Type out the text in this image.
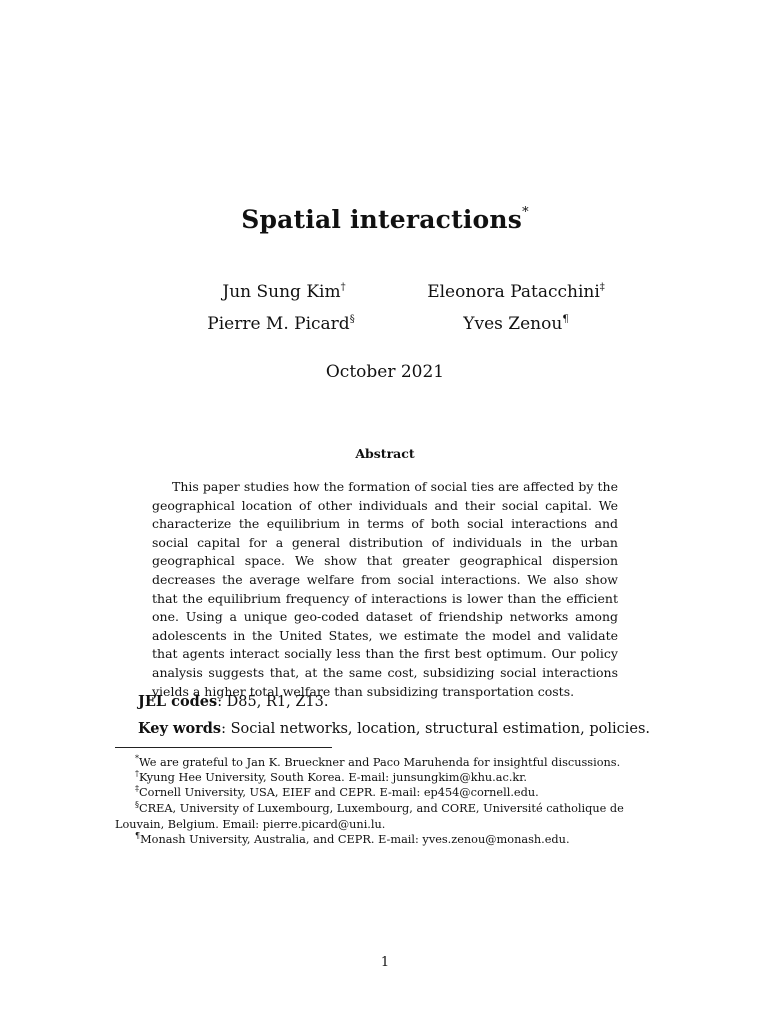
Spatial interactions*
Jun Sung Kim†	Eleonora Patacchini‡
Pierre M. Picard§	Yves Zenou¶
October 2021
Abstract
This paper studies how the formation of social ties are affected by the geographical location of other individuals and their social capital. We characterize the equilibrium in terms of both social interactions and social capital for a general distribution of individuals in the urban geographical space. We show that greater geographical dispersion decreases the average welfare from social interactions. We also show that the equilibrium frequency of interactions is lower than the efficient one. Using a unique geo-coded dataset of friendship networks among adolescents in the United States, we estimate the model and validate that agents interact socially less than the first best optimum. Our policy analysis suggests that, at the same cost, subsidizing social interactions yields a higher total welfare than subsidizing transportation costs.
JEL codes: D85, R1, Z13.
Key words: Social networks, location, structural estimation, policies.
*We are grateful to Jan K. Brueckner and Paco Maruhenda for insightful discussions.
†Kyung Hee University, South Korea. E-mail: junsungkim@khu.ac.kr.
‡Cornell University, USA, EIEF and CEPR. E-mail: ep454@cornell.edu.
§CREA, University of Luxembourg, Luxembourg, and CORE, Université catholique de Louvain, Belgium. Email: pierre.picard@uni.lu.
¶Monash University, Australia, and CEPR. E-mail: yves.zenou@monash.edu.
1
